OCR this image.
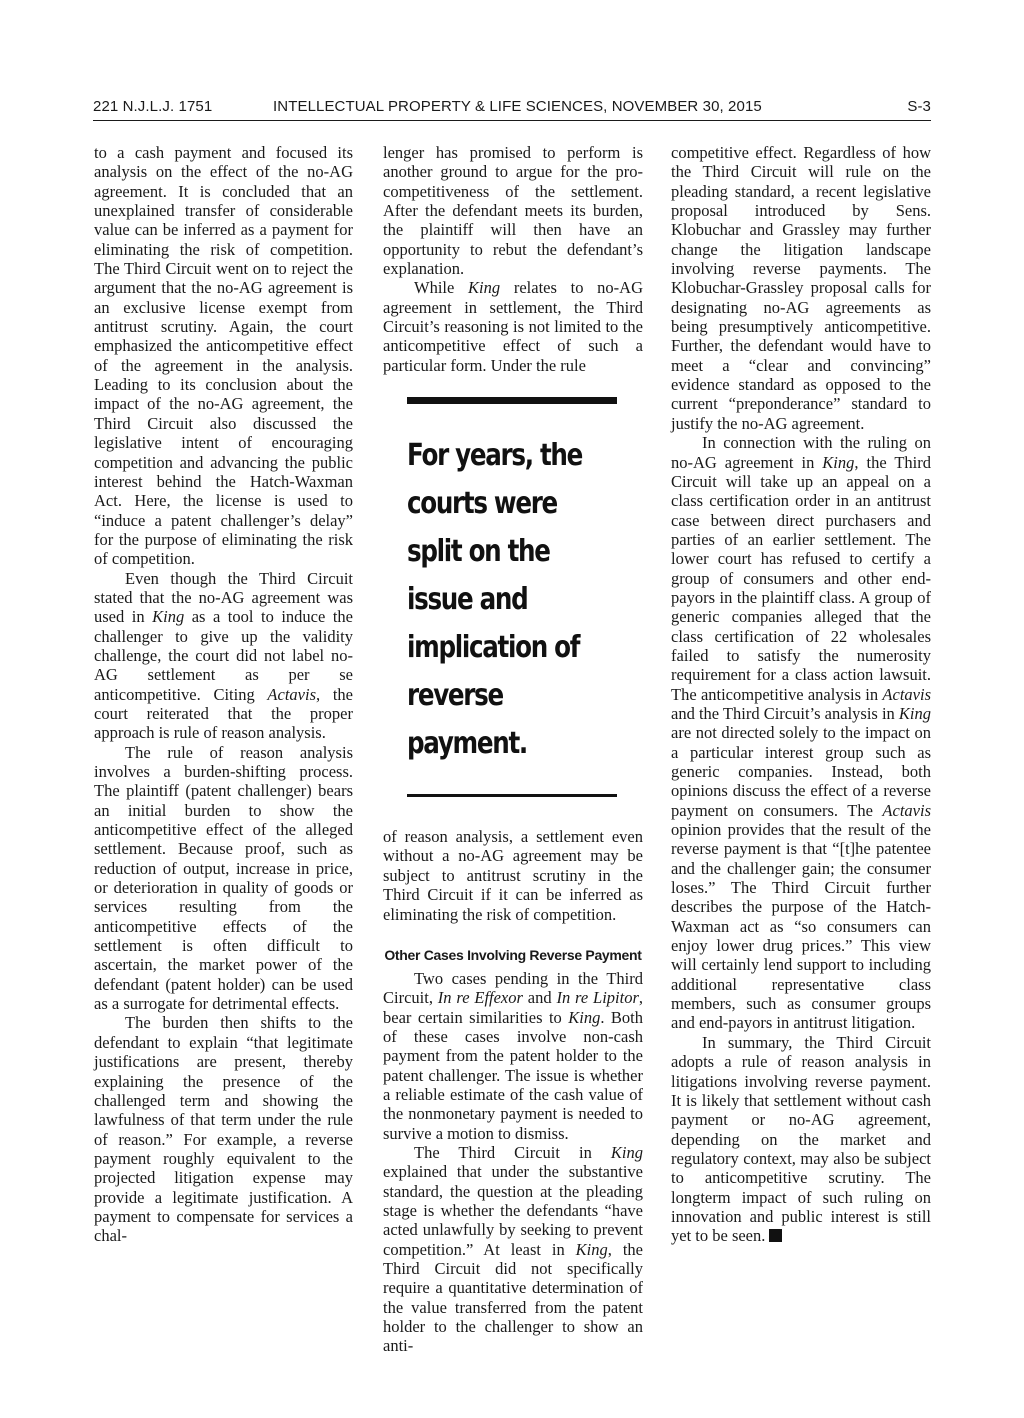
221 N.J.L.J. 1751	INTELLECTUAL PROPERTY & LIFE SCIENCES, NOVEMBER 30, 2015	S-3

to a cash payment and focused its analysis on the effect of the no-AG agreement. It is concluded that an unexplained transfer of considerable value can be inferred as a payment for eliminating the risk of competition. The Third Circuit went on to reject the argument that the no-AG agreement is an exclusive license exempt from antitrust scrutiny. Again, the court emphasized the anticompetitive effect of the agreement in the analysis. Leading to its conclusion about the impact of the no-AG agreement, the Third Circuit also discussed the legislative intent of encouraging competition and advancing the public interest behind the Hatch-Waxman Act. Here, the license is used to “induce a patent challenger’s delay” for the purpose of eliminating the risk of competition.

Even though the Third Circuit stated that the no-AG agreement was used in King as a tool to induce the challenger to give up the validity challenge, the court did not label no-AG settlement as per se anticompetitive. Citing Actavis, the court reiterated that the proper approach is rule of reason analysis.

The rule of reason analysis involves a burden-shifting process. The plaintiff (patent challenger) bears an initial burden to show the anticompetitive effect of the alleged settlement. Because proof, such as reduction of output, increase in price, or deterioration in quality of goods or services resulting from the anticompetitive effects of the settlement is often difficult to ascertain, the market power of the defendant (patent holder) can be used as a surrogate for detrimental effects.

The burden then shifts to the defendant to explain “that legitimate justifications are present, thereby explaining the presence of the challenged term and showing the lawfulness of that term under the rule of reason.” For example, a reverse payment roughly equivalent to the projected litigation expense may provide a legitimate justification. A payment to compensate for services a chal-

lenger has promised to perform is another ground to argue for the pro-competitiveness of the settlement. After the defendant meets its burden, the plaintiff will then have an opportunity to rebut the defendant’s explanation.

While King relates to no-AG agreement in settlement, the Third Circuit’s reasoning is not limited to the anticompetitive effect of such a particular form. Under the rule

For years, the courts were split on the issue and implication of reverse payment.

of reason analysis, a settlement even without a no-AG agreement may be subject to antitrust scrutiny in the Third Circuit if it can be inferred as eliminating the risk of competition.

Other Cases Involving Reverse Payment

Two cases pending in the Third Circuit, In re Effexor and In re Lipitor, bear certain similarities to King. Both of these cases involve non-cash payment from the patent holder to the patent challenger. The issue is whether a reliable estimate of the cash value of the nonmonetary payment is needed to survive a motion to dismiss.

The Third Circuit in King explained that under the substantive standard, the question at the pleading stage is whether the defendants “have acted unlawfully by seeking to prevent competition.” At least in King, the Third Circuit did not specifically require a quantitative determination of the value transferred from the patent holder to the challenger to show an anti-

competitive effect. Regardless of how the Third Circuit will rule on the pleading standard, a recent legislative proposal introduced by Sens. Klobuchar and Grassley may further change the litigation landscape involving reverse payments. The Klobuchar-Grassley proposal calls for designating no-AG agreements as being presumptively anticompetitive. Further, the defendant would have to meet a “clear and convincing” evidence standard as opposed to the current “preponderance” standard to justify the no-AG agreement.

In connection with the ruling on no-AG agreement in King, the Third Circuit will take up an appeal on a class certification order in an antitrust case between direct purchasers and parties of an earlier settlement. The lower court has refused to certify a group of consumers and other end-payors in the plaintiff class. A group of generic companies alleged that the class certification of 22 wholesales failed to satisfy the numerosity requirement for a class action lawsuit. The anticompetitive analysis in Actavis and the Third Circuit’s analysis in King are not directed solely to the impact on a particular interest group such as generic companies. Instead, both opinions discuss the effect of a reverse payment on consumers. The Actavis opinion provides that the result of the reverse payment is that “[t]he patentee and the challenger gain; the consumer loses.” The Third Circuit further describes the purpose of the Hatch-Waxman act as “so consumers can enjoy lower drug prices.” This view will certainly lend support to including additional representative class members, such as consumer groups and end-payors in antitrust litigation.

In summary, the Third Circuit adopts a rule of reason analysis in litigations involving reverse payment. It is likely that settlement without cash payment or no-AG agreement, depending on the market and regulatory context, may also be subject to anticompetitive scrutiny. The longterm impact of such ruling on innovation and public interest is still yet to be seen.
